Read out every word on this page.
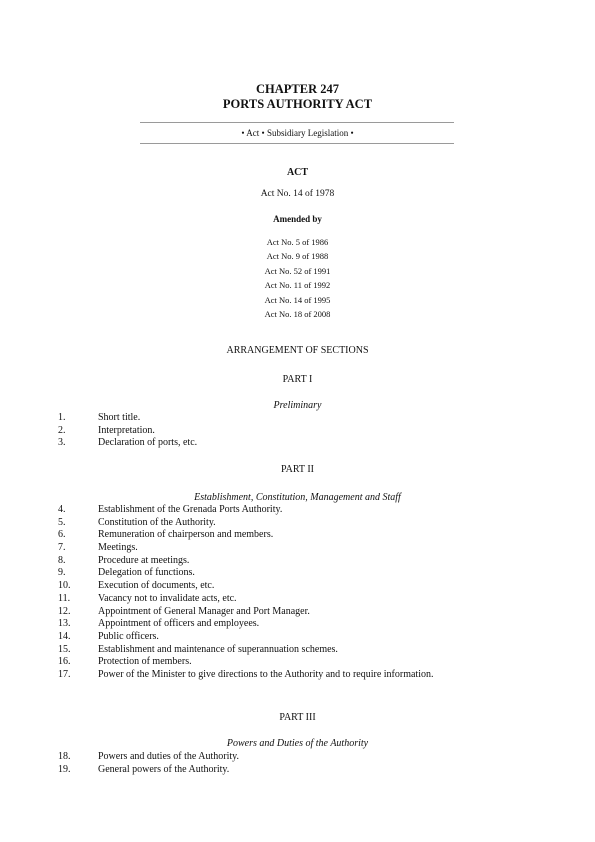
CHAPTER 247
PORTS AUTHORITY ACT
• Act • Subsidiary Legislation •
ACT
Act No. 14 of 1978
Amended by
Act No. 5 of 1986
Act No. 9 of 1988
Act No. 52 of 1991
Act No. 11 of 1992
Act No. 14 of 1995
Act No. 18 of 2008
ARRANGEMENT OF SECTIONS
PART I
Preliminary
1.	Short title.
2.	Interpretation.
3.	Declaration of ports, etc.
PART II
Establishment, Constitution, Management and Staff
4.	Establishment of the Grenada Ports Authority.
5.	Constitution of the Authority.
6.	Remuneration of chairperson and members.
7.	Meetings.
8.	Procedure at meetings.
9.	Delegation of functions.
10.	Execution of documents, etc.
11.	Vacancy not to invalidate acts, etc.
12.	Appointment of General Manager and Port Manager.
13.	Appointment of officers and employees.
14.	Public officers.
15.	Establishment and maintenance of superannuation schemes.
16.	Protection of members.
17.	Power of the Minister to give directions to the Authority and to require information.
PART III
Powers and Duties of the Authority
18.	Powers and duties of the Authority.
19.	General powers of the Authority.
